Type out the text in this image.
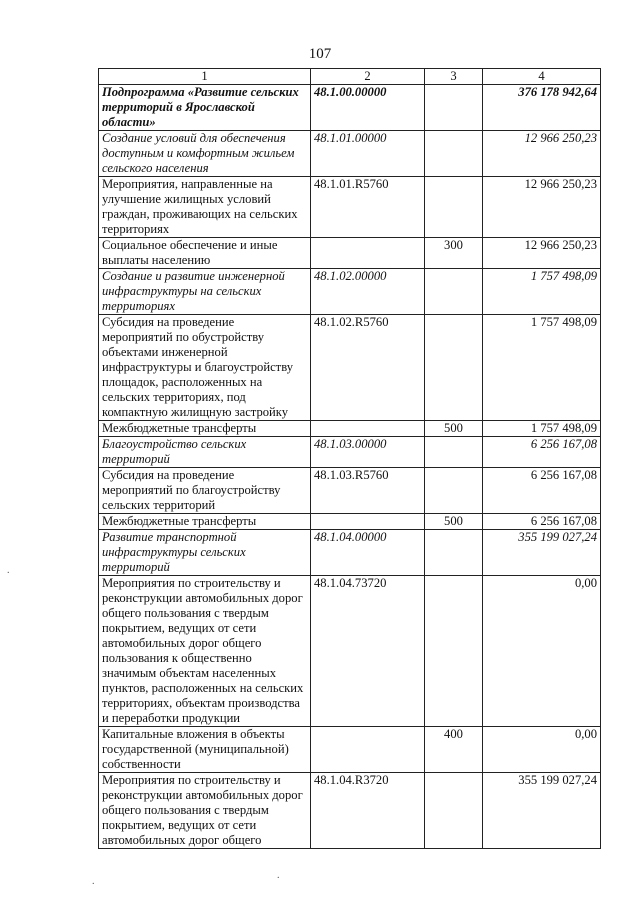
107
1	2	3	4
Подпрограмма «Развитие сельских территорий в Ярославской области»	48.1.00.00000		376 178 942,64
Создание условий для обеспечения доступным и комфортным жильем сельского населения	48.1.01.00000		12 966 250,23
Мероприятия, направленные на улучшение жилищных условий граждан, проживающих на сельских территориях	48.1.01.R5760		12 966 250,23
Социальное обеспечение и иные выплаты населению		300	12 966 250,23
Создание и развитие инженерной инфраструктуры на сельских территориях	48.1.02.00000		1 757 498,09
Субсидия на проведение мероприятий по обустройству объектами инженерной инфраструктуры и благоустройству площадок, расположенных на сельских территориях, под компактную жилищную застройку	48.1.02.R5760		1 757 498,09
Межбюджетные трансферты		500	1 757 498,09
Благоустройство сельских территорий	48.1.03.00000		6 256 167,08
Субсидия на проведение мероприятий по благоустройству сельских территорий	48.1.03.R5760		6 256 167,08
Межбюджетные трансферты		500	6 256 167,08
Развитие транспортной инфраструктуры сельских территорий	48.1.04.00000		355 199 027,24
Мероприятия по строительству и реконструкции автомобильных дорог общего пользования с твердым покрытием, ведущих от сети автомобильных дорог общего пользования к общественно значимым объектам населенных пунктов, расположенных на сельских территориях, объектам производства и переработки продукции	48.1.04.73720		0,00
Капитальные вложения в объекты государственной (муниципальной) собственности		400	0,00
Мероприятия по строительству и реконструкции автомобильных дорог общего пользования с твердым покрытием, ведущих от сети автомобильных дорог общего	48.1.04.R3720		355 199 027,24
.
.
.
